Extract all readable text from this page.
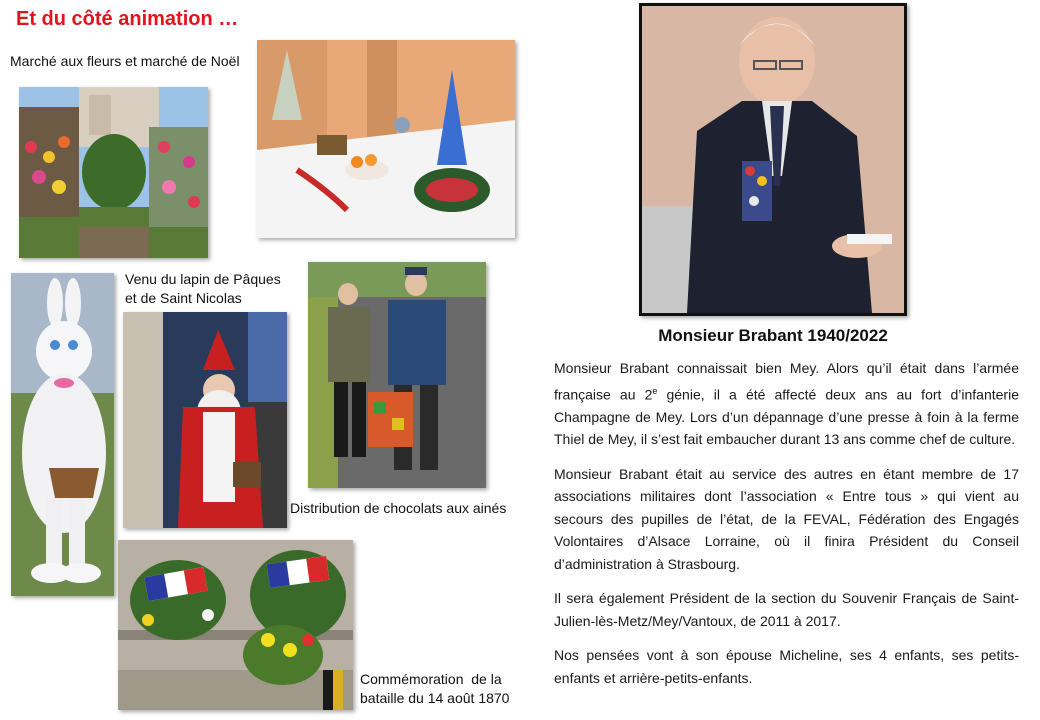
Et du côté animation …
Marché aux fleurs et marché de Noël
Venu du lapin de Pâques
et de Saint Nicolas
Distribution de chocolats aux ainés
Commémoration  de la
bataille du 14 août 1870
Monsieur Brabant 1940/2022

Monsieur Brabant connaissait bien Mey. Alors qu’il était dans l’armée française au 2e génie, il a été affecté deux ans au fort d’infanterie Champagne de Mey. Lors d’un dépannage d’une presse à foin à la ferme Thiel de Mey, il s’est fait embaucher durant 13 ans comme chef de culture.

Monsieur Brabant était au service des autres en étant membre de 17 associations militaires dont l’association « Entre tous » qui vient au secours des pupilles de l’état, de la FEVAL, Fédération des Engagés Volontaires d’Alsace Lorraine, où il finira Président du Conseil d’administration à Strasbourg.

Il sera également Président de la section du Souvenir Français de Saint-Julien-lès-Metz/Mey/Vantoux, de 2011 à 2017.

Nos pensées vont à son épouse Micheline, ses 4 enfants, ses petits-enfants et arrière-petits-enfants.
